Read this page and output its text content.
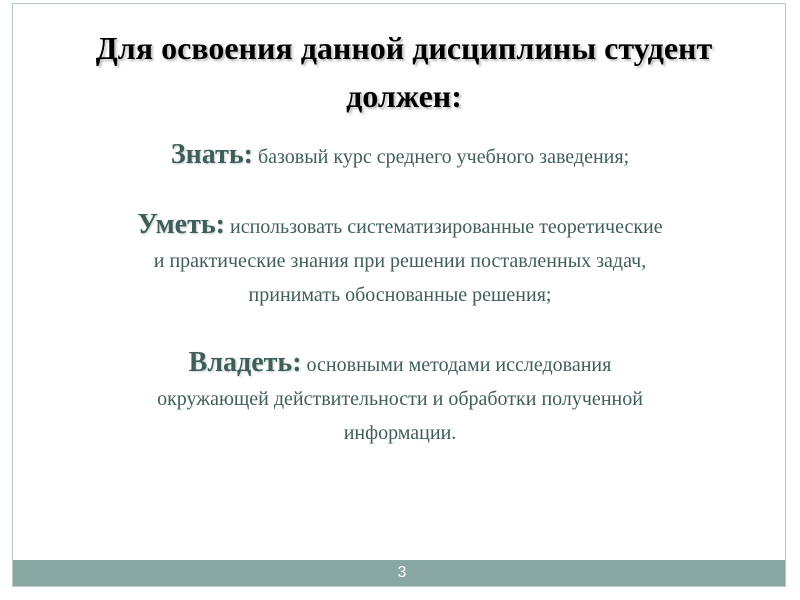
Для освоения данной дисциплины студент
должен:
Знать: базовый курс среднего учебного заведения;
Уметь: использовать систематизированные теоретические
и практические знания при решении поставленных задач,
принимать обоснованные решения;
Владеть: основными методами исследования
окружающей действительности и обработки полученной
информации.
3
